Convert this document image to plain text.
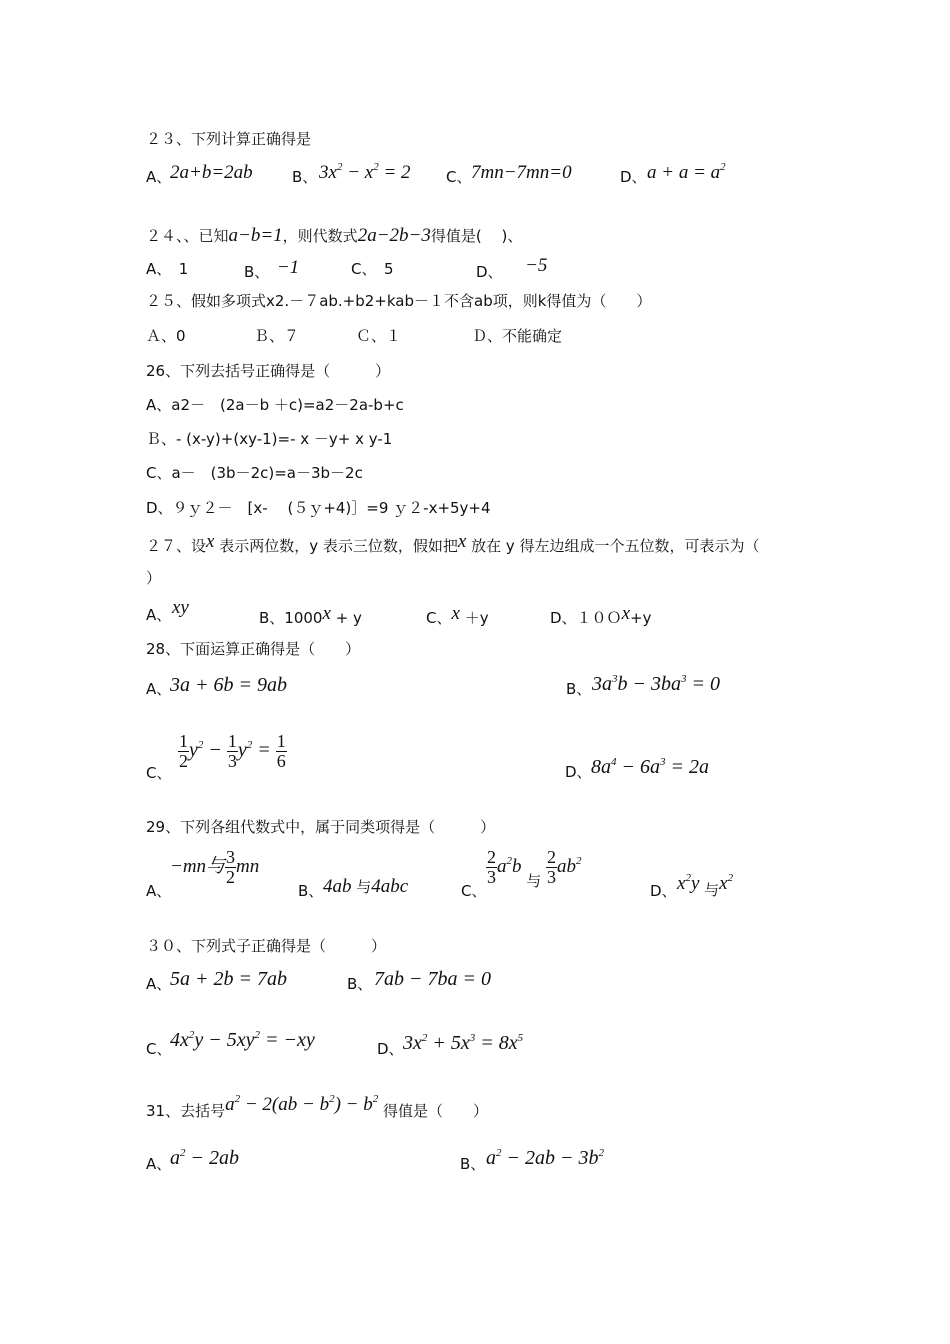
２３、下列计算正确得是
A、
2a+b=2ab	B、 $3x^2 - x^2 = 2$ C、 7mn−7mn=0	D、 $a + a = a^2$
２４、、已知a−b=1，则代数式2a−2b−3得值是(　 )、
A、　 1	B、　 −1	C、　 5	D、　　 −5
２５、假如多项式x2.－７ab.+b2+kab－１不含ab项，则k得值为（　　）
Ａ、0	Ｂ、７	Ｃ、１	Ｄ、不能确定
26、下列去括号正确得是（　　　）
A、a2－　(2a－b ＋c)=a2－2a-b+c
Ｂ、- (x-y)+(xy-1)=- x －y+ x y-1
C、a－　(3b－2c)=a－3b－2c
D、９ｙ２－　[x- 　(５ｙ+4)］=9 ｙ２-x+5y+4
２７、设x 表示两位数，y 表示三位数，假如把x 放在 y 得左边组成一个五位数，可表示为（
）
A、 xy	B、1000x + y	C、x ＋y	D、１０Ｏx+y
28、下面运算正确得是（　　）
A、
3a + 6b = 9ab	B、 $3a^3b - 3ba^3 = 0$
C、
$\frac{1}{2} y^2 - \frac{1}{3} y^2 = \frac{1}{6}$
D、 $8a^4 - 6a^3 = 2a$
29、下列各组代数式中，属于同类项得是（　　　）
A、
−mn与 $\frac{3}{2}$ mn
B、 4ab 与4abc	C、
$\frac{2}{3} a^2b$ $_与 \frac{2}{3} ab^2$
D、 $x^2y$ 与$x^2$
３０、下列式子正确得是（　　　）
A、
5a + 2b = 7ab	B、 7ab − 7ba = 0
C、
$4x^2y - 5xy^2 = -xy$	D、 $3x^2 + 5x^3 = 8x^5$
31、去括号$a^2 - 2(ab - b^2) - b^2$ 得值是（　　）
A、
$a^2 - 2ab$	B、 $a^2 - 2ab - 3b^2$
